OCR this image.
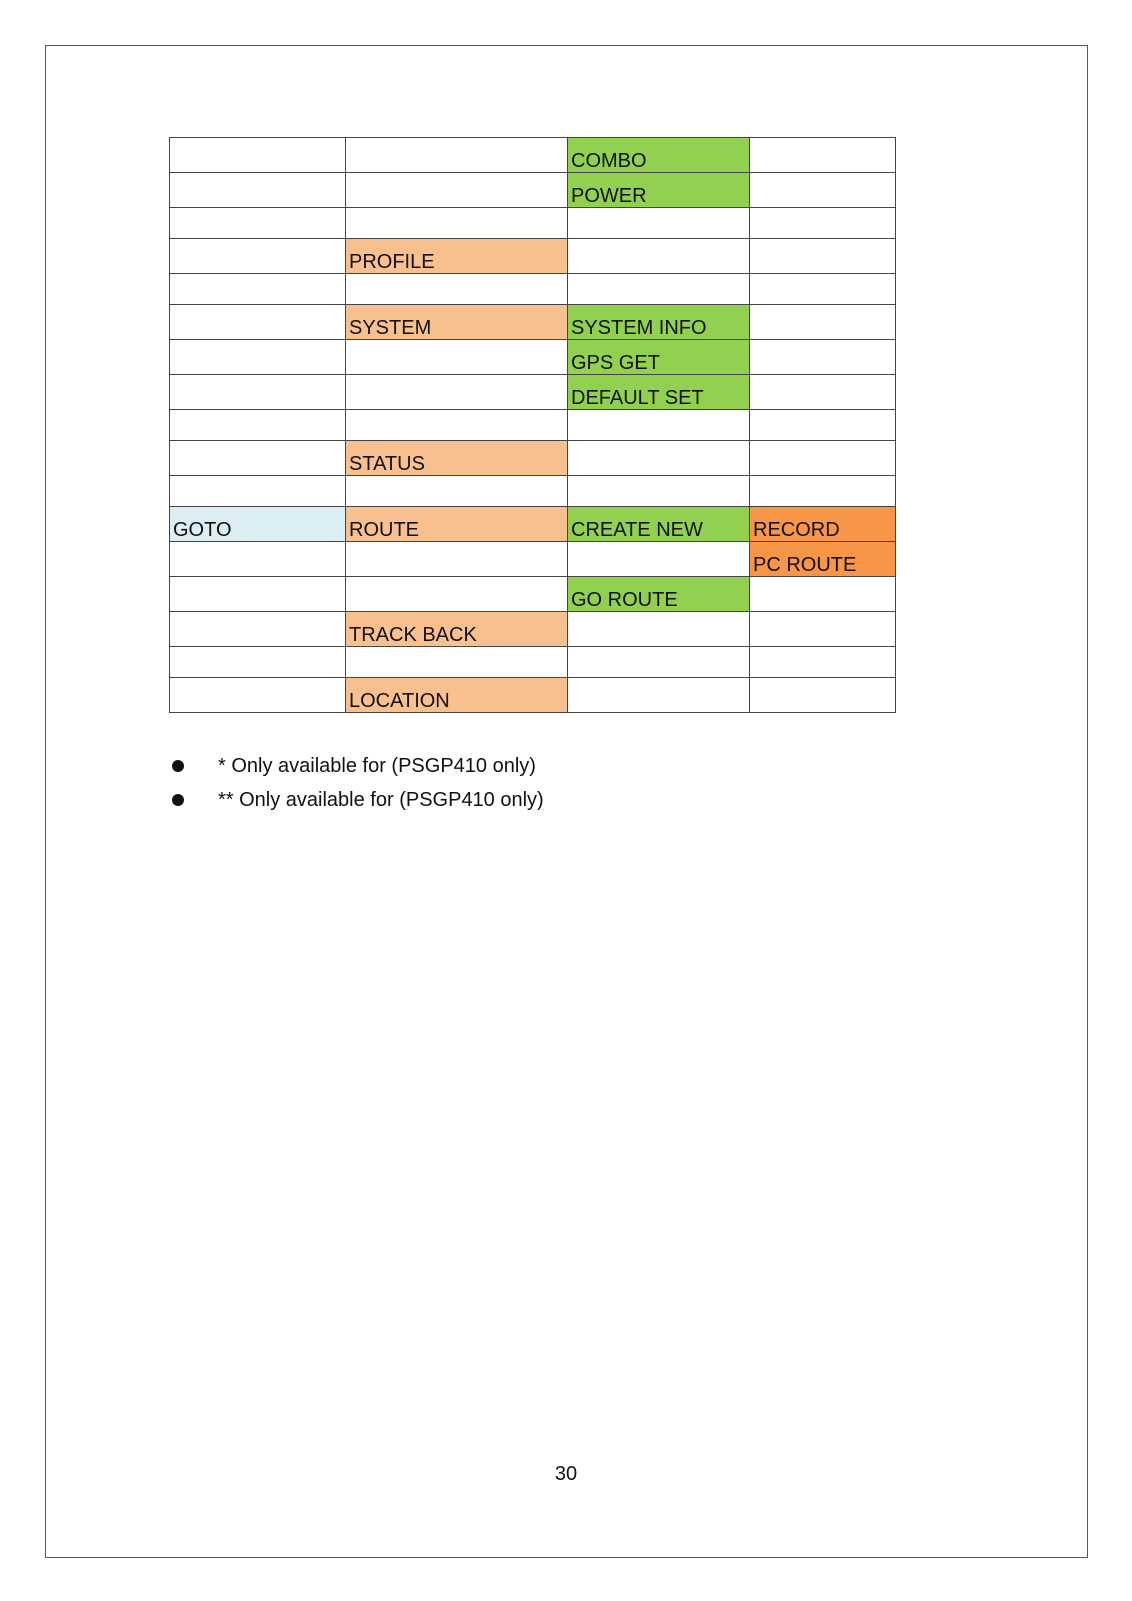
		COMBO	
		POWER	

	PROFILE		

	SYSTEM	SYSTEM INFO	
		GPS GET	
		DEFAULT SET	

	STATUS		

GOTO	ROUTE	CREATE NEW	RECORD
			PC ROUTE
		GO ROUTE	
	TRACK BACK		

	LOCATION		
* Only available for (PSGP410 only)
** Only available for (PSGP410 only)
30
